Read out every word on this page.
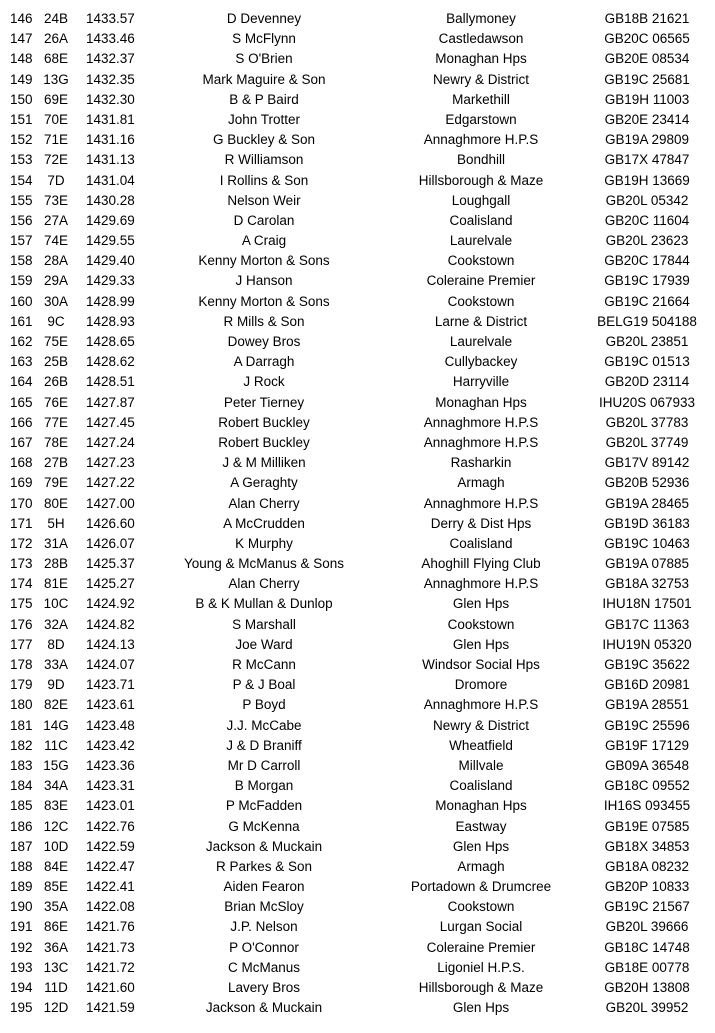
146 24B	1433.57	D Devenney	Ballymoney	GB18B 21621
147 26A	1433.46	S McFlynn	Castledawson	GB20C 06565
148 68E	1432.37	S O'Brien	Monaghan Hps	GB20E 08534
149 13G	1432.35	Mark Maguire & Son	Newry & District	GB19C 25681
150 69E	1432.30	B & P Baird	Markethill	GB19H 11003
151 70E	1431.81	John Trotter	Edgarstown	GB20E 23414
152 71E	1431.16	G Buckley & Son	Annaghmore H.P.S	GB19A 29809
153 72E	1431.13	R Williamson	Bondhill	GB17X 47847
154	7D	1431.04	I Rollins & Son	Hillsborough & Maze	GB19H 13669
155 73E	1430.28	Nelson Weir	Loughgall	GB20L 05342
156 27A	1429.69	D Carolan	Coalisland	GB20C 11604
157 74E	1429.55	A Craig	Laurelvale	GB20L 23623
158 28A	1429.40	Kenny Morton & Sons	Cookstown	GB20C 17844
159 29A	1429.33	J Hanson	Coleraine Premier	GB19C 17939
160 30A	1428.99	Kenny Morton & Sons	Cookstown	GB19C 21664
161	9C	1428.93	R Mills & Son	Larne & District	BELG19 504188
162 75E	1428.65	Dowey Bros	Laurelvale	GB20L 23851
163 25B	1428.62	A Darragh	Cullybackey	GB19C 01513
164 26B	1428.51	J Rock	Harryville	GB20D 23114
165 76E	1427.87	Peter Tierney	Monaghan Hps	IHU20S 067933
166 77E	1427.45	Robert Buckley	Annaghmore H.P.S	GB20L 37783
167 78E	1427.24	Robert Buckley	Annaghmore H.P.S	GB20L 37749
168 27B	1427.23	J & M Milliken	Rasharkin	GB17V 89142
169 79E	1427.22	A Geraghty	Armagh	GB20B 52936
170 80E	1427.00	Alan Cherry	Annaghmore H.P.S	GB19A 28465
171	5H	1426.60	A McCrudden	Derry & Dist Hps	GB19D 36183
172 31A	1426.07	K Murphy	Coalisland	GB19C 10463
173 28B	1425.37	Young & McManus & Sons	Ahoghill Flying Club	GB19A 07885
174 81E	1425.27	Alan Cherry	Annaghmore H.P.S	GB18A 32753
175 10C	1424.92	B & K Mullan & Dunlop	Glen Hps	IHU18N 17501
176 32A	1424.82	S Marshall	Cookstown	GB17C 11363
177	8D	1424.13	Joe Ward	Glen Hps	IHU19N 05320
178 33A	1424.07	R McCann	Windsor Social Hps	GB19C 35622
179	9D	1423.71	P & J Boal	Dromore	GB16D 20981
180 82E	1423.61	P Boyd	Annaghmore H.P.S	GB19A 28551
181 14G	1423.48	J.J. McCabe	Newry & District	GB19C 25596
182 11C	1423.42	J & D Braniff	Wheatfield	GB19F 17129
183 15G	1423.36	Mr D Carroll	Millvale	GB09A 36548
184 34A	1423.31	B Morgan	Coalisland	GB18C 09552
185 83E	1423.01	P McFadden	Monaghan Hps	IH16S 093455
186 12C	1422.76	G McKenna	Eastway	GB19E 07585
187 10D	1422.59	Jackson & Muckain	Glen Hps	GB18X 34853
188 84E	1422.47	R Parkes & Son	Armagh	GB18A 08232
189 85E	1422.41	Aiden Fearon	Portadown & Drumcree	GB20P 10833
190 35A	1422.08	Brian McSloy	Cookstown	GB19C 21567
191 86E	1421.76	J.P. Nelson	Lurgan Social	GB20L 39666
192 36A	1421.73	P O'Connor	Coleraine Premier	GB18C 14748
193 13C	1421.72	C McManus	Ligoniel H.P.S.	GB18E 00778
194 11D	1421.60	Lavery Bros	Hillsborough & Maze	GB20H 13808
195 12D	1421.59	Jackson & Muckain	Glen Hps	GB20L 39952
